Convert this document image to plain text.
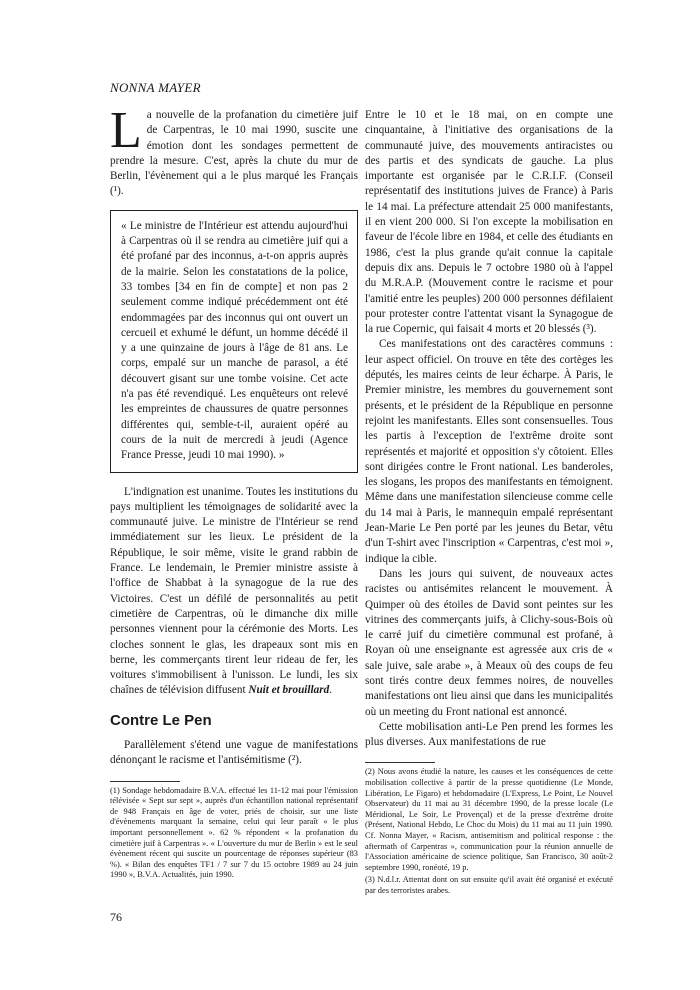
NONNA MAYER

La nouvelle de la profanation du cimetière juif de Carpentras, le 10 mai 1990, suscite une émotion dont les sondages permettent de prendre la mesure. C'est, après la chute du mur de Berlin, l'évènement qui a le plus marqué les Français (¹).

« Le ministre de l'Intérieur est attendu aujourd'hui à Carpentras où il se rendra au cimetière juif qui a été profané par des inconnus, a-t-on appris auprès de la mairie. Selon les constatations de la police, 33 tombes [34 en fin de compte] et non pas 2 seulement comme indiqué précédemment ont été endommagées par des inconnus qui ont ouvert un cercueil et exhumé le défunt, un homme décédé il y a une quinzaine de jours à l'âge de 81 ans. Le corps, empalé sur un manche de parasol, a été découvert gisant sur une tombe voisine. Cet acte n'a pas été revendiqué. Les enquêteurs ont relevé les empreintes de chaussures de quatre personnes différentes qui, semble-t-il, auraient opéré au cours de la nuit de mercredi à jeudi (Agence France Presse, jeudi 10 mai 1990). »

L'indignation est unanime. Toutes les institutions du pays multiplient les témoignages de solidarité avec la communauté juive. Le ministre de l'Intérieur se rend immédiatement sur les lieux. Le président de la République, le soir même, visite le grand rabbin de France. Le lendemain, le Premier ministre assiste à l'office de Shabbat à la synagogue de la rue des Victoires. C'est un défilé de personnalités au petit cimetière de Carpentras, où le dimanche dix mille personnes viennent pour la cérémonie des Morts. Les cloches sonnent le glas, les drapeaux sont mis en berne, les commerçants tirent leur rideau de fer, les voitures s'immobilisent à l'unisson. Le lundi, les six chaînes de télévision diffusent Nuit et brouillard.

Contre Le Pen

Parallèlement s'étend une vague de manifestations dénonçant le racisme et l'antisémitisme (²).

(1) Sondage hebdomadaire B.V.A. effectué les 11-12 mai pour l'émission télévisée « Sept sur sept », auprès d'un échantillon national représentatif de 948 Français en âge de voter, priés de choisir, sur une liste d'évènements marquant la semaine, celui qui leur paraît « le plus important personnellement ». 62 % répondent « la profanation du cimetière juif à Carpentras ». « L'ouverture du mur de Berlin » est le seul évènement récent qui suscite un pourcentage de réponses supérieur (83 %). « Bilan des enquêtes TF1 / 7 sur 7 du 15 octobre 1989 au 24 juin 1990 », B.V.A. Actualités, juin 1990.

Entre le 10 et le 18 mai, on en compte une cinquantaine, à l'initiative des organisations de la communauté juive, des mouvements antiracistes ou des partis et des syndicats de gauche. La plus importante est organisée par le C.R.I.F. (Conseil représentatif des institutions juives de France) à Paris le 14 mai. La préfecture attendait 25 000 manifestants, il en vient 200 000. Si l'on excepte la mobilisation en faveur de l'école libre en 1984, et celle des étudiants en 1986, c'est la plus grande qu'ait connue la capitale depuis dix ans. Depuis le 7 octobre 1980 où à l'appel du M.R.A.P. (Mouvement contre le racisme et pour l'amitié entre les peuples) 200 000 personnes défilaient pour protester contre l'attentat visant la Synagogue de la rue Copernic, qui faisait 4 morts et 20 blessés (³).

Ces manifestations ont des caractères communs : leur aspect officiel. On trouve en tête des cortèges les députés, les maires ceints de leur écharpe. À Paris, le Premier ministre, les membres du gouvernement sont présents, et le président de la République en personne rejoint les manifestants. Elles sont consensuelles. Tous les partis à l'exception de l'extrême droite sont représentés et majorité et opposition s'y côtoient. Elles sont dirigées contre le Front national. Les banderoles, les slogans, les propos des manifestants en témoignent. Même dans une manifestation silencieuse comme celle du 14 mai à Paris, le mannequin empalé représentant Jean-Marie Le Pen porté par les jeunes du Betar, vêtu d'un T-shirt avec l'inscription « Carpentras, c'est moi », indique la cible.

Dans les jours qui suivent, de nouveaux actes racistes ou antisémites relancent le mouvement. À Quimper où des étoiles de David sont peintes sur les vitrines des commerçants juifs, à Clichy-sous-Bois où le carré juif du cimetière communal est profané, à Royan où une enseignante est agressée aux cris de « sale juive, sale arabe », à Meaux où des coups de feu sont tirés contre deux femmes noires, de nouvelles manifestations ont lieu ainsi que dans les municipalités où un meeting du Front national est annoncé.

Cette mobilisation anti-Le Pen prend les formes les plus diverses. Aux manifestations de rue

(2) Nous avons étudié la nature, les causes et les conséquences de cette mobilisation collective à partir de la presse quotidienne (Le Monde, Libération, Le Figaro) et hebdomadaire (L'Express, Le Point, Le Nouvel Observateur) du 11 mai au 31 décembre 1990, de la presse locale (Le Méridional, Le Soir, Le Provençal) et de la presse d'extrême droite (Présent, National Hebdo, Le Choc du Mois) du 11 mai au 11 juin 1990. Cf. Nonna Mayer, « Racism, antisemitism and political response : the aftermath of Carpentras », communication pour la réunion annuelle de l'Association américaine de science politique, San Francisco, 30 août-2 septembre 1990, ronéoté, 19 p.

(3) N.d.l.r. Attentat dont on sut ensuite qu'il avait été organisé et exécuté par des terroristes arabes.

76
